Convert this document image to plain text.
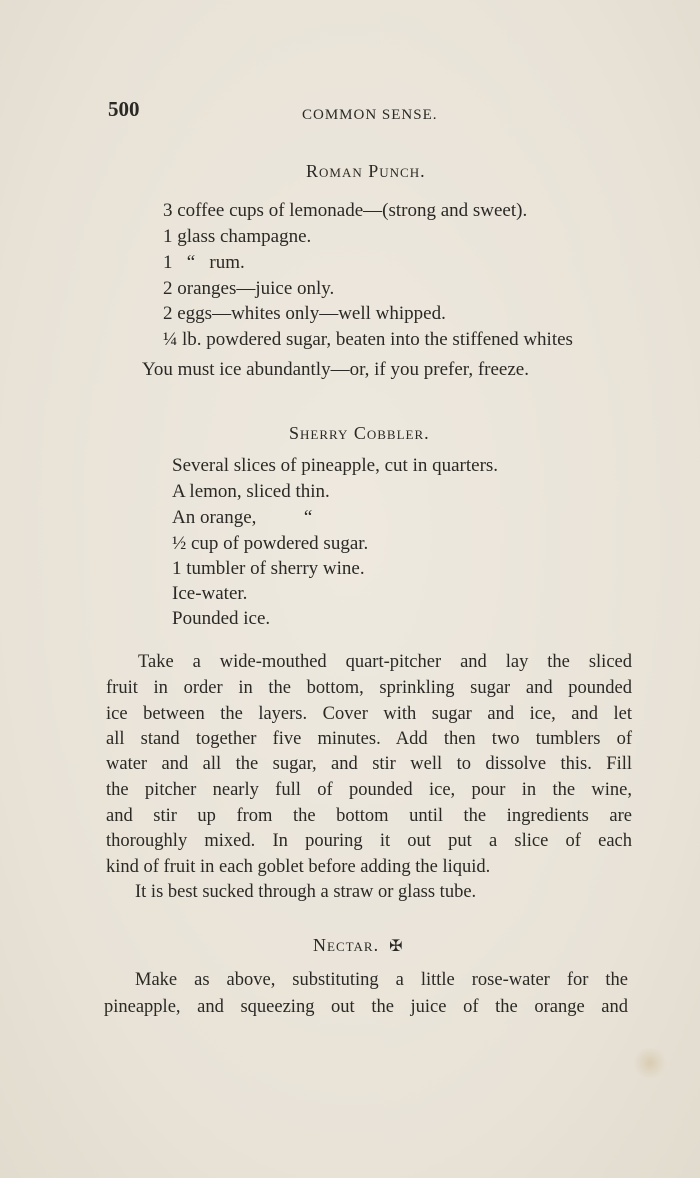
500	COMMON SENSE.
Roman Punch.
3 coffee cups of lemonade—(strong and sweet).
1 glass champagne.
1   “   rum.
2 oranges—juice only.
2 eggs—whites only—well whipped.
¼ lb. powdered sugar, beaten into the stiffened whites
You must ice abundantly—or, if you prefer, freeze.
Sherry Cobbler.
Several slices of pineapple, cut in quarters.
A lemon, sliced thin.
An orange,          “
½ cup of powdered sugar.
1 tumbler of sherry wine.
Ice-water.
Pounded ice.
Take a wide-mouthed quart-pitcher and lay the sliced
fruit in order in the bottom, sprinkling sugar and pounded
ice between the layers. Cover with sugar and ice, and let
all stand together five minutes. Add then two tumblers of
water and all the sugar, and stir well to dissolve this. Fill
the pitcher nearly full of pounded ice, pour in the wine,
and stir up from the bottom until the ingredients are
thoroughly mixed. In pouring it out put a slice of each
kind of fruit in each goblet before adding the liquid.
It is best sucked through a straw or glass tube.
Nectar. ✠
Make as above, substituting a little rose-water for the
pineapple, and squeezing out the juice of the orange and
